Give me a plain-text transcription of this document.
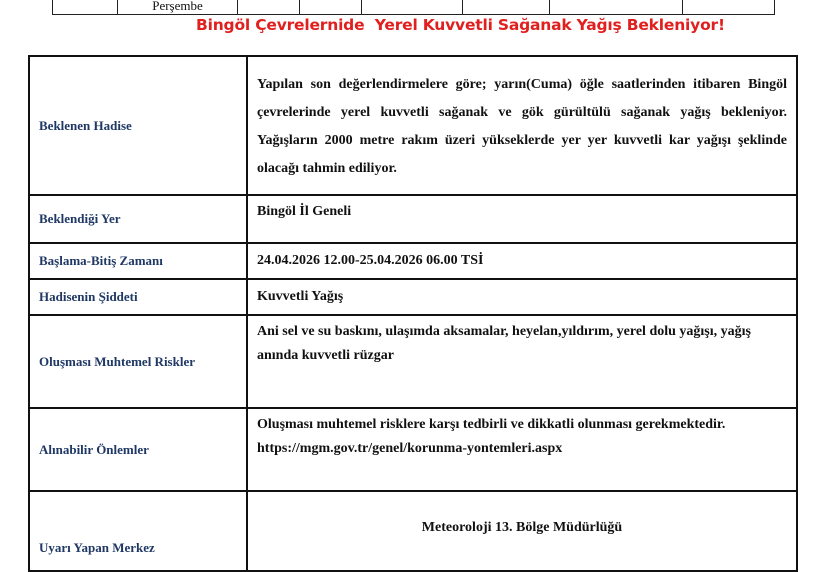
	Perşembe						
Bingöl Çevrelernide  Yerel Kuvvetli Sağanak Yağış Bekleniyor!
Beklenen Hadise	Yapılan son değerlendirmelere göre; yarın(Cuma) öğle saatlerinden itibaren Bingöl çevrelerinde yerel kuvvetli sağanak ve gök gürültülü sağanak yağış bekleniyor. Yağışların 2000 metre rakım üzeri yükseklerde yer yer kuvvetli kar yağışı şeklinde olacağı tahmin ediliyor.
Beklendiği Yer	Bingöl İl Geneli
Başlama-Bitiş Zamanı	24.04.2026 12.00-25.04.2026 06.00 TSİ
Hadisenin Şiddeti	Kuvvetli Yağış
Oluşması Muhtemel Riskler	Ani sel ve su baskını, ulaşımda aksamalar, heyelan,yıldırım, yerel dolu yağışı, yağış anında kuvvetli rüzgar
Alınabilir Önlemler	Oluşması muhtemel risklere karşı tedbirli ve dikkatli olunması gerekmektedir.
https://mgm.gov.tr/genel/korunma-yontemleri.aspx

Uyarı Yapan Merkez	Meteoroloji 13. Bölge Müdürlüğü
